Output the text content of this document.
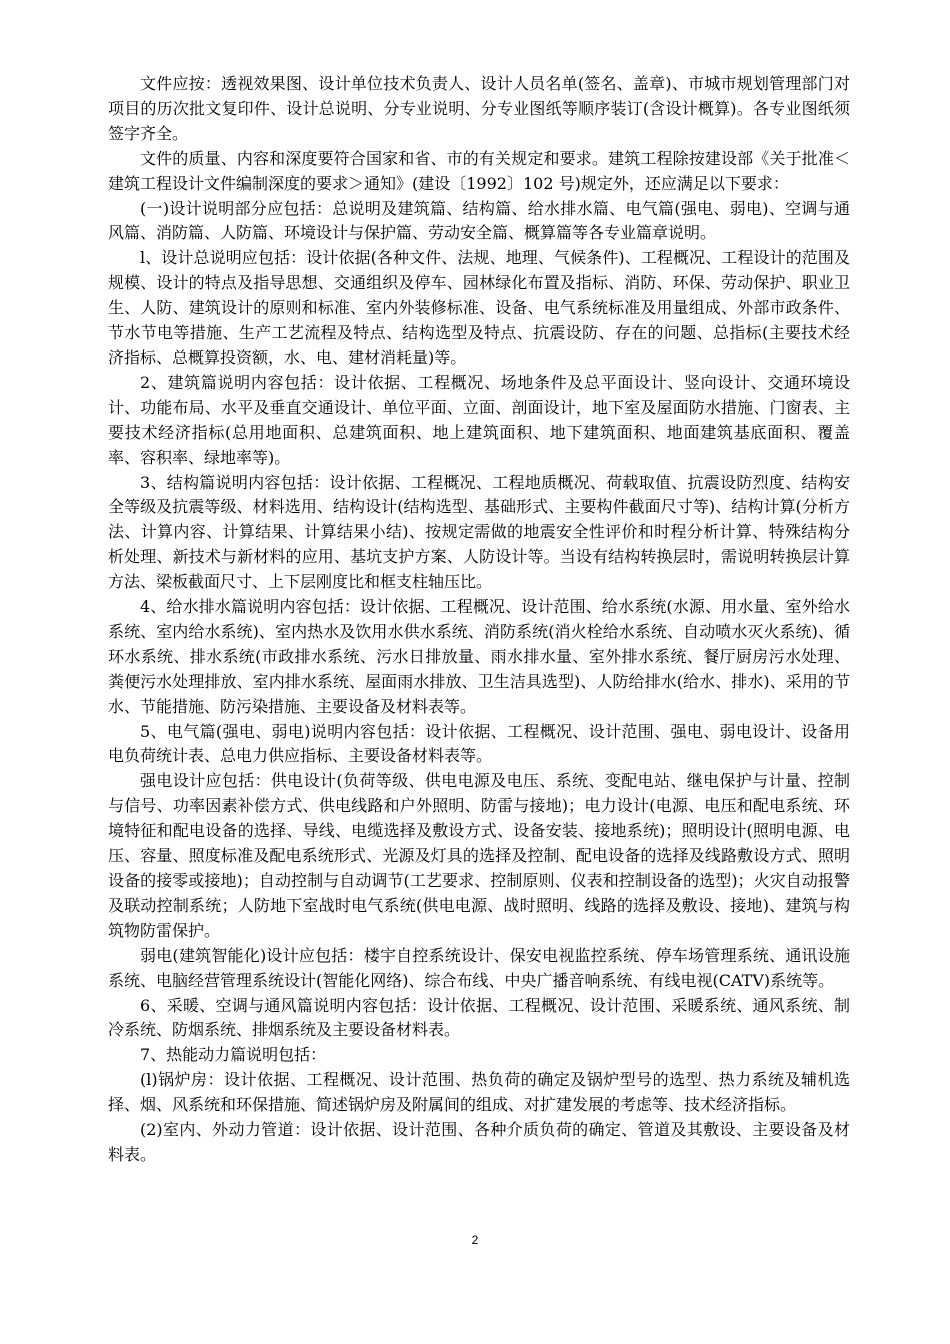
文件应按：透视效果图、设计单位技术负责人、设计人员名单(签名、盖章)、市城市规划管理部门对项目的历次批文复印件、设计总说明、分专业说明、分专业图纸等顺序装订(含设计概算)。各专业图纸须签字齐全。

文件的质量、内容和深度要符合国家和省、市的有关规定和要求。建筑工程除按建设部《关于批准＜建筑工程设计文件编制深度的要求＞通知》(建设〔1992〕102 号)规定外，还应满足以下要求：

(一)设计说明部分应包括：总说明及建筑篇、结构篇、给水排水篇、电气篇(强电、弱电)、空调与通风篇、消防篇、人防篇、环境设计与保护篇、劳动安全篇、概算篇等各专业篇章说明。

l、设计总说明应包括：设计依据(各种文件、法规、地理、气候条件)、工程概况、工程设计的范围及规模、设计的特点及指导思想、交通组织及停车、园林绿化布置及指标、消防、环保、劳动保护、职业卫生、人防、建筑设计的原则和标准、室内外装修标准、设备、电气系统标准及用量组成、外部市政条件、节水节电等措施、生产工艺流程及特点、结构选型及特点、抗震设防、存在的问题、总指标(主要技术经济指标、总概算投资额，水、电、建材消耗量)等。

2、建筑篇说明内容包括：设计依据、工程概况、场地条件及总平面设计、竖向设计、交通环境设计、功能布局、水平及垂直交通设计、单位平面、立面、剖面设计，地下室及屋面防水措施、门窗表、主要技术经济指标(总用地面积、总建筑面积、地上建筑面积、地下建筑面积、地面建筑基底面积、覆盖率、容积率、绿地率等)。

3、结构篇说明内容包括：设计依据、工程概况、工程地质概况、荷载取值、抗震设防烈度、结构安全等级及抗震等级、材料选用、结构设计(结构选型、基础形式、主要构件截面尺寸等)、结构计算(分析方法、计算内容、计算结果、计算结果小结)、按规定需做的地震安全性评价和时程分析计算、特殊结构分析处理、新技术与新材料的应用、基坑支护方案、人防设计等。当设有结构转换层时，需说明转换层计算方法、梁板截面尺寸、上下层刚度比和框支柱轴压比。

4、给水排水篇说明内容包括：设计依据、工程概况、设计范围、给水系统(水源、用水量、室外给水系统、室内给水系统)、室内热水及饮用水供水系统、消防系统(消火栓给水系统、自动喷水灭火系统)、循环水系统、排水系统(市政排水系统、污水日排放量、雨水排水量、室外排水系统、餐厅厨房污水处理、粪便污水处理排放、室内排水系统、屋面雨水排放、卫生洁具选型)、人防给排水(给水、排水)、采用的节水、节能措施、防污染措施、主要设备及材料表等。

5、电气篇(强电、弱电)说明内容包括：设计依据、工程概况、设计范围、强电、弱电设计、设备用电负荷统计表、总电力供应指标、主要设备材料表等。

强电设计应包括：供电设计(负荷等级、供电电源及电压、系统、变配电站、继电保护与计量、控制与信号、功率因素补偿方式、供电线路和户外照明、防雷与接地)；电力设计(电源、电压和配电系统、环境特征和配电设备的选择、导线、电缆选择及敷设方式、设备安装、接地系统)；照明设计(照明电源、电压、容量、照度标准及配电系统形式、光源及灯具的选择及控制、配电设备的选择及线路敷设方式、照明设备的接零或接地)；自动控制与自动调节(工艺要求、控制原则、仪表和控制设备的选型)；火灾自动报警及联动控制系统；人防地下室战时电气系统(供电电源、战时照明、线路的选择及敷设、接地)、建筑与构筑物防雷保护。

弱电(建筑智能化)设计应包括：楼宇自控系统设计、保安电视监控系统、停车场管理系统、通讯设施系统、电脑经营管理系统设计(智能化网络)、综合布线、中央广播音响系统、有线电视(CATV)系统等。

6、采暖、空调与通风篇说明内容包括：设计依据、工程概况、设计范围、采暖系统、通风系统、制冷系统、防烟系统、排烟系统及主要设备材料表。

7、热能动力篇说明包括：

(l)锅炉房：设计依据、工程概况、设计范围、热负荷的确定及锅炉型号的选型、热力系统及辅机选择、烟、风系统和环保措施、简述锅炉房及附属间的组成、对扩建发展的考虑等、技术经济指标。

(2)室内、外动力管道：设计依据、设计范围、各种介质负荷的确定、管道及其敷设、主要设备及材料表。

2
